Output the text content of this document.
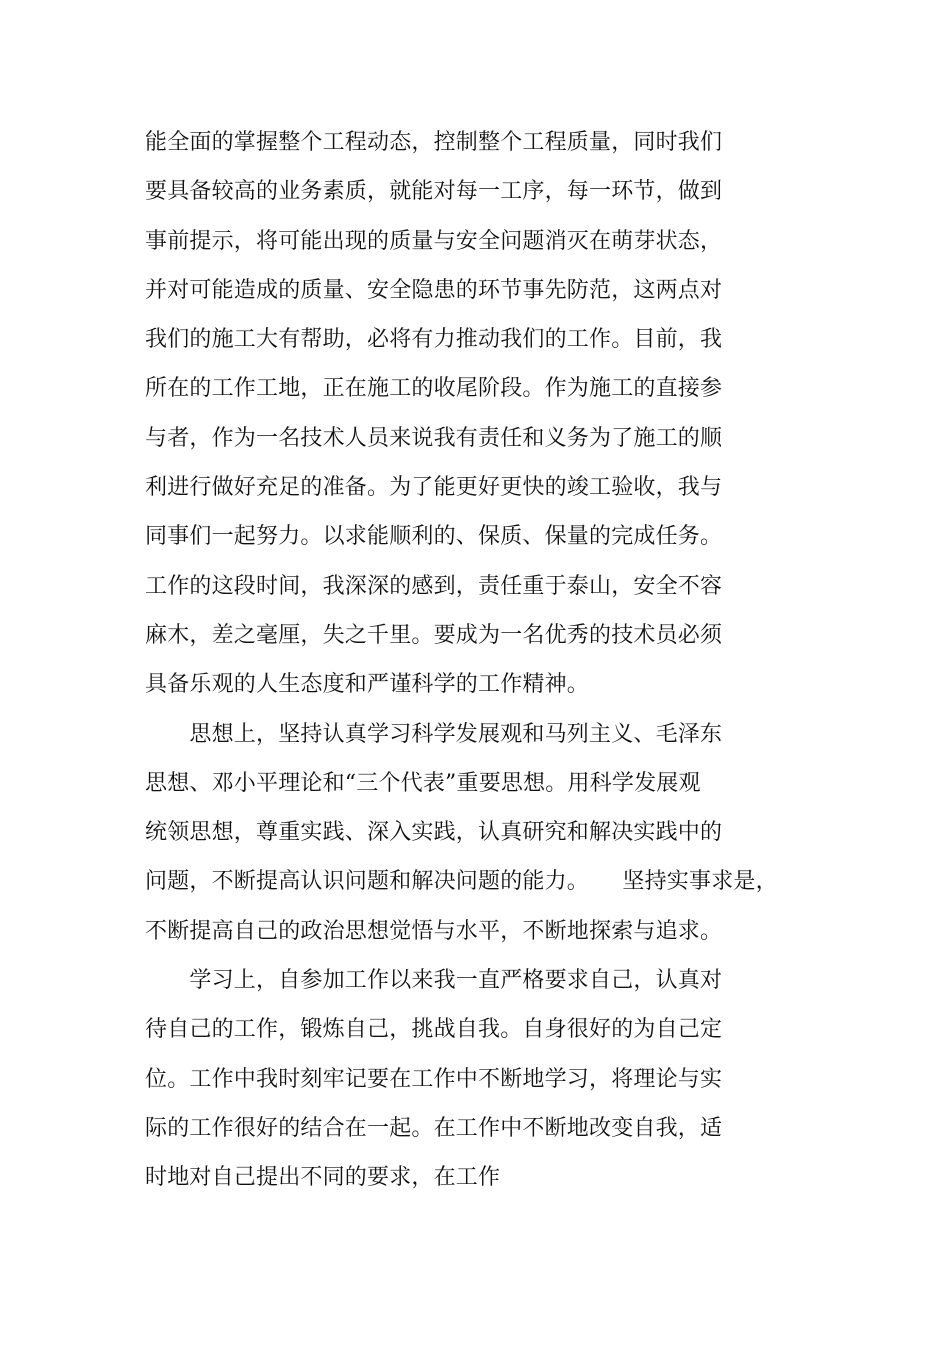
能全面的掌握整个工程动态，控制整个工程质量，同时我们
要具备较高的业务素质，就能对每一工序，每一环节，做到
事前提示，将可能出现的质量与安全问题消灭在萌芽状态，
并对可能造成的质量、安全隐患的环节事先防范，这两点对
我们的施工大有帮助，必将有力推动我们的工作。目前，我
所在的工作工地，正在施工的收尾阶段。作为施工的直接参
与者，作为一名技术人员来说我有责任和义务为了施工的顺
利进行做好充足的准备。为了能更好更快的竣工验收，我与
同事们一起努力。以求能顺利的、保质、保量的完成任务。
工作的这段时间，我深深的感到，责任重于泰山，安全不容
麻木，差之毫厘，失之千里。要成为一名优秀的技术员必须
具备乐观的人生态度和严谨科学的工作精神。
　　思想上，坚持认真学习科学发展观和马列主义、毛泽东
思想、邓小平理论和“三个代表”重要思想。用科学发展观
统领思想，尊重实践、深入实践，认真研究和解决实践中的
问题，不断提高认识问题和解决问题的能力。　　坚持实事求是，
不断提高自己的政治思想觉悟与水平，不断地探索与追求。
　　学习上，自参加工作以来我一直严格要求自己，认真对
待自己的工作，锻炼自己，挑战自我。自身很好的为自己定
位。工作中我时刻牢记要在工作中不断地学习，将理论与实
际的工作很好的结合在一起。在工作中不断地改变自我，适
时地对自己提出不同的要求，在工作
